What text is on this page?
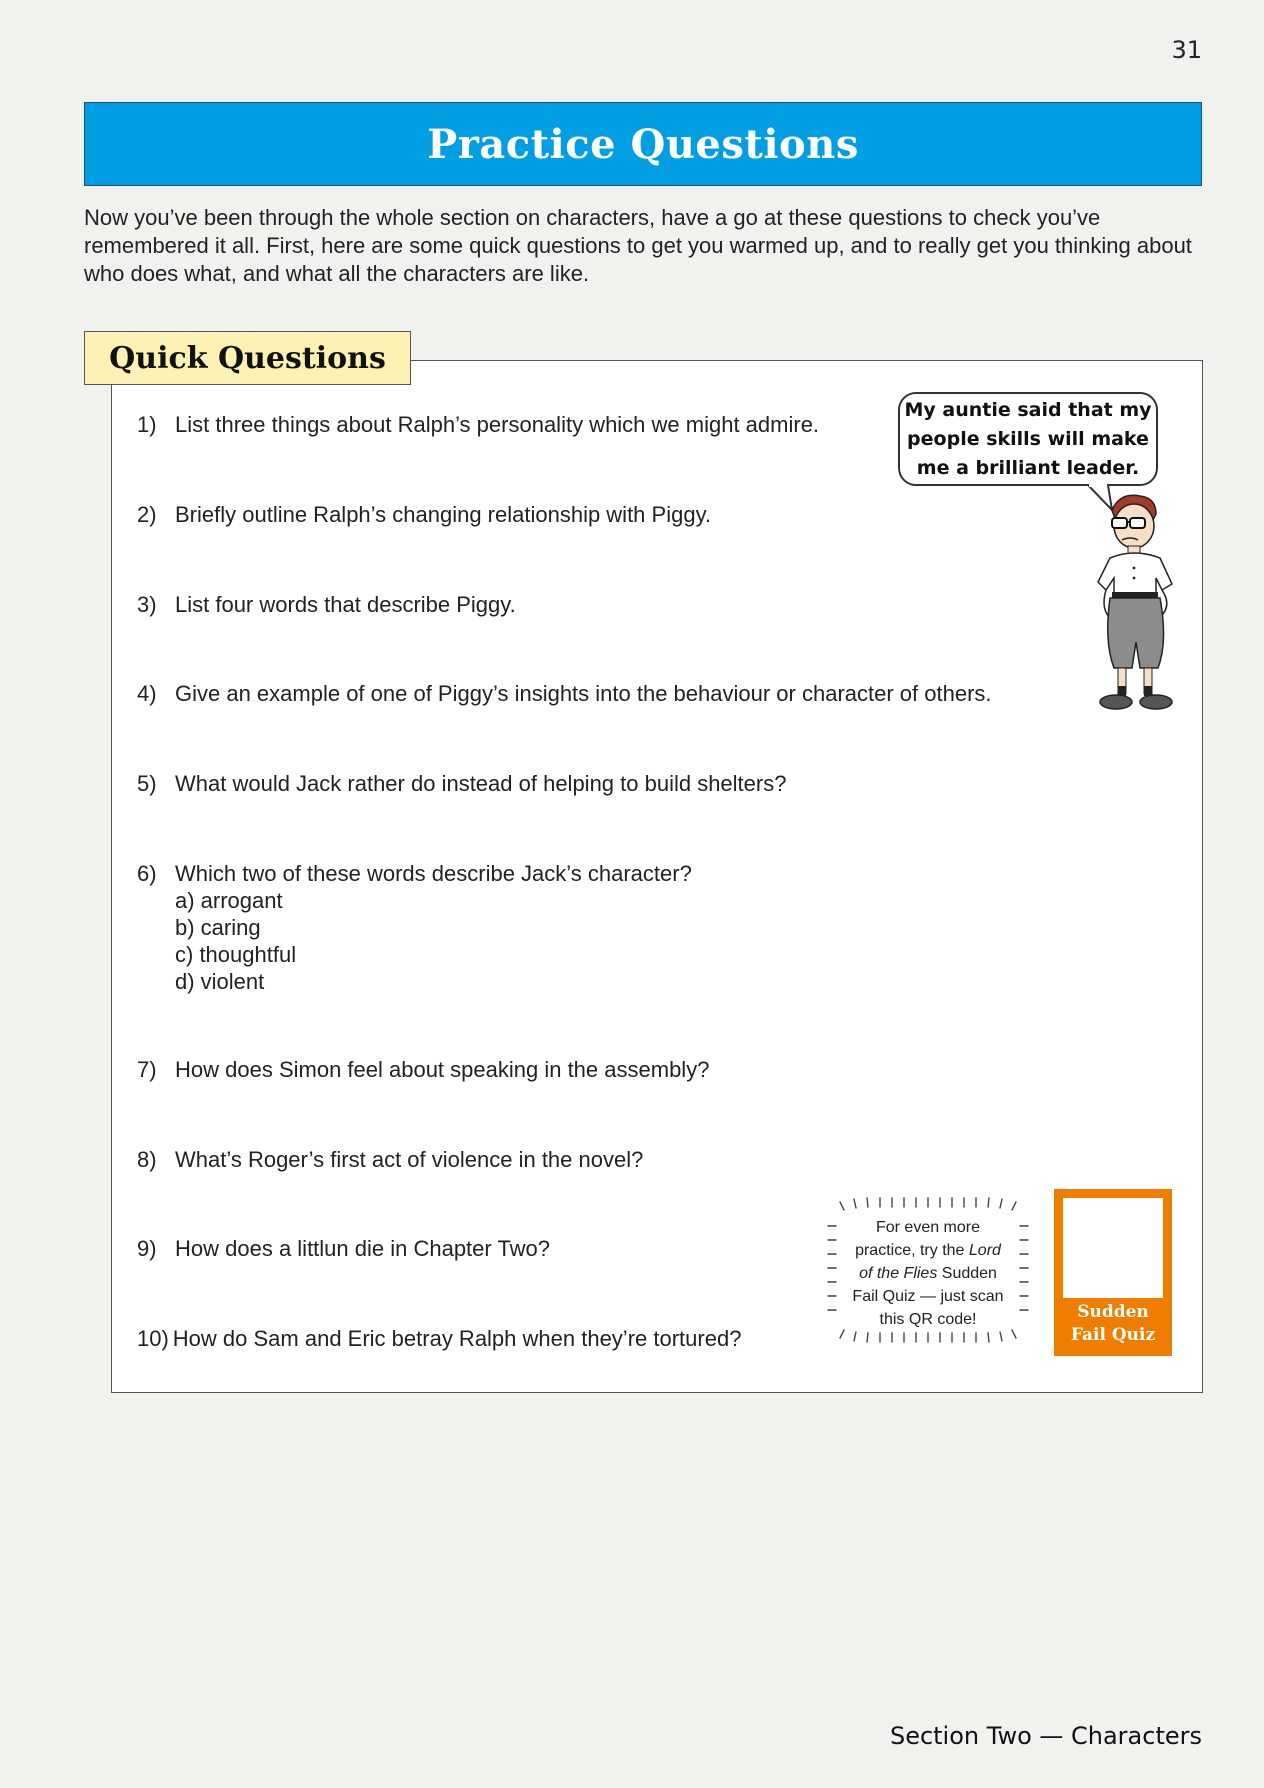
31
Practice Questions

Now you’ve been through the whole section on characters, have a go at these questions to check you’ve remembered it all. First, here are some quick questions to get you warmed up, and to really get you thinking about who does what, and what all the characters are like.

Quick Questions
1) List three things about Ralph’s personality which we might admire.
2) Briefly outline Ralph’s changing relationship with Piggy.
3) List four words that describe Piggy.
4) Give an example of one of Piggy’s insights into the behaviour or character of others.
5) What would Jack rather do instead of helping to build shelters?
6) Which two of these words describe Jack’s character?
a) arrogant
b) caring
c) thoughtful
d) violent
7) How does Simon feel about speaking in the assembly?
8) What’s Roger’s first act of violence in the novel?
9) How does a littlun die in Chapter Two?
10) How do Sam and Eric betray Ralph when they’re tortured?
My auntie said that my
people skills will make
me a brilliant leader.
For even more
practice, try the Lord
of the Flies Sudden
Fail Quiz — just scan
this QR code!	Sudden
Fail Quiz
Section Two — Characters
